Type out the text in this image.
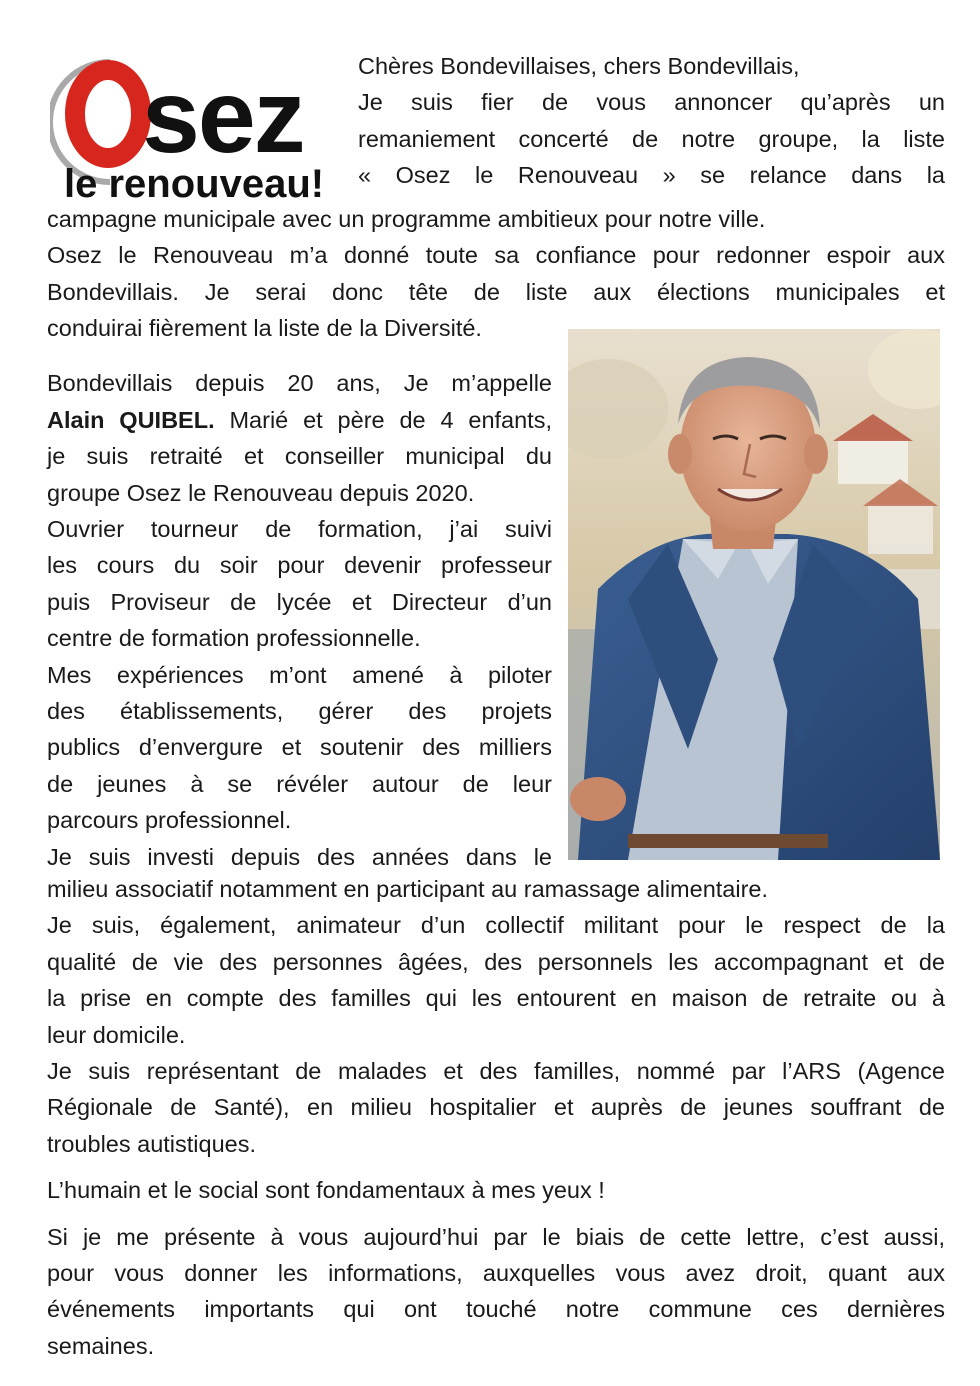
sez
le renouveau!
Chères Bondevillaises, chers Bondevillais,
Je suis fier de vous annoncer qu’après un
remaniement concerté de notre groupe, la liste
« Osez le Renouveau » se relance dans la
campagne municipale avec un programme ambitieux pour notre ville.
Osez le Renouveau m’a donné toute sa confiance pour redonner espoir aux
Bondevillais. Je serai donc tête de liste aux élections municipales et
conduirai fièrement la liste de la Diversité.
Bondevillais depuis 20 ans, Je m’appelle
Alain QUIBEL. Marié et père de 4 enfants,
je suis retraité et conseiller municipal du
groupe Osez le Renouveau depuis 2020.
Ouvrier tourneur de formation, j’ai suivi
les cours du soir pour devenir professeur
puis Proviseur de lycée et Directeur d’un
centre de formation professionnelle.
Mes expériences m’ont amené à piloter
des établissements, gérer des projets
publics d’envergure et soutenir des milliers
de jeunes à se révéler autour de leur
parcours professionnel.
Je suis investi depuis des années dans le
milieu associatif notamment en participant au ramassage alimentaire.
Je suis, également, animateur d’un collectif militant pour le respect de la
qualité de vie des personnes âgées, des personnels les accompagnant et de
la prise en compte des familles qui les entourent en maison de retraite ou à
leur domicile.
Je suis représentant de malades et des familles, nommé par l’ARS (Agence
Régionale de Santé), en milieu hospitalier et auprès de jeunes souffrant de
troubles autistiques.
L’humain et le social sont fondamentaux à mes yeux !
Si je me présente à vous aujourd’hui par le biais de cette lettre, c’est aussi,
pour vous donner les informations, auxquelles vous avez droit, quant aux
événements importants qui ont touché notre commune ces dernières
semaines.
